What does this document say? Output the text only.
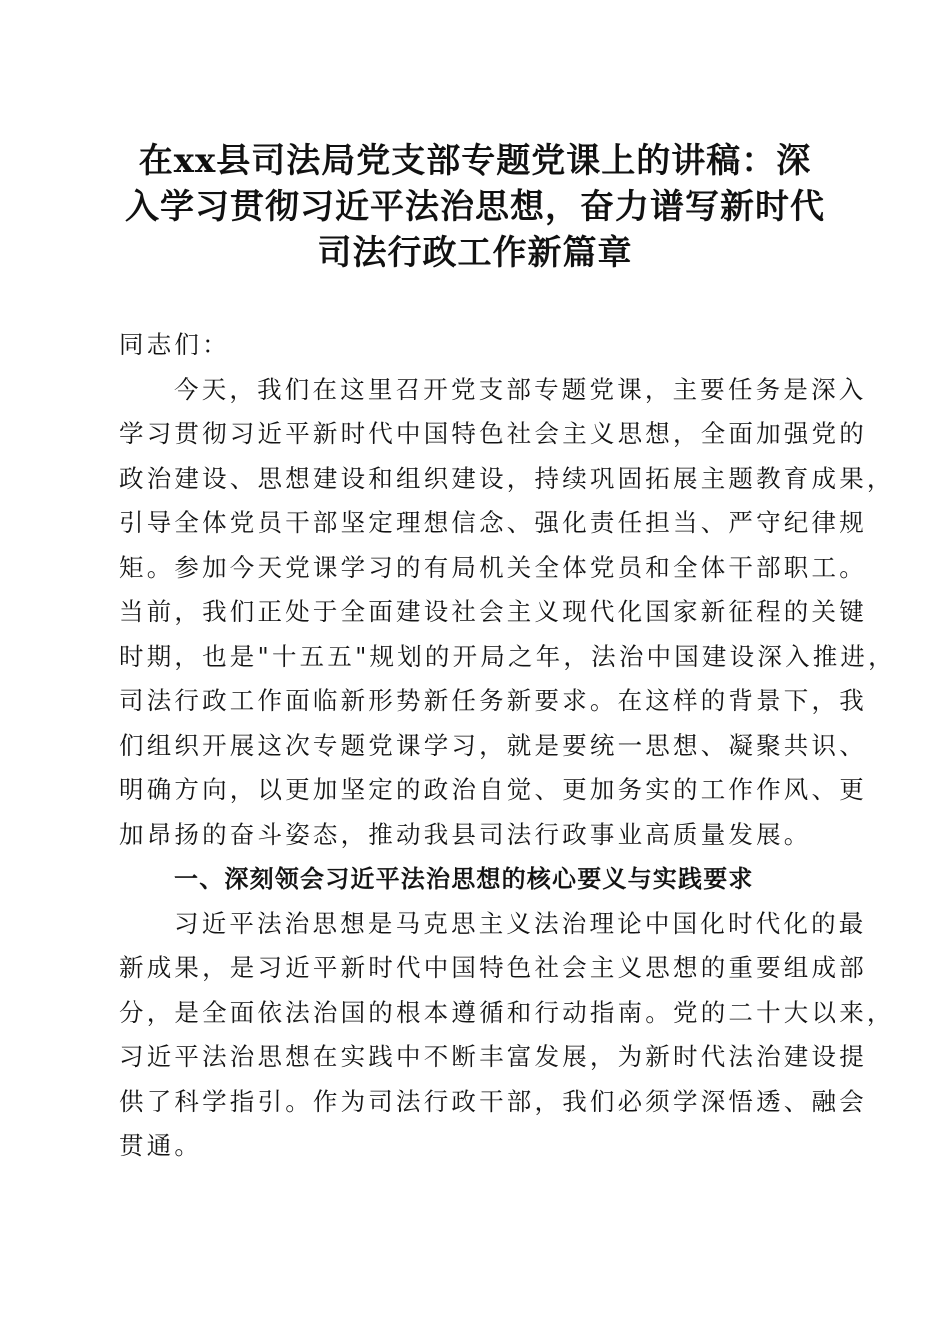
在xx县司法局党支部专题党课上的讲稿：深
入学习贯彻习近平法治思想，奋力谱写新时代
司法行政工作新篇章

同志们：

今天，我们在这里召开党支部专题党课，主要任务是深入
学习贯彻习近平新时代中国特色社会主义思想，全面加强党的
政治建设、思想建设和组织建设，持续巩固拓展主题教育成果，
引导全体党员干部坚定理想信念、强化责任担当、严守纪律规
矩。参加今天党课学习的有局机关全体党员和全体干部职工。
当前，我们正处于全面建设社会主义现代化国家新征程的关键
时期，也是"十五五"规划的开局之年，法治中国建设深入推进，
司法行政工作面临新形势新任务新要求。在这样的背景下，我
们组织开展这次专题党课学习，就是要统一思想、凝聚共识、
明确方向，以更加坚定的政治自觉、更加务实的工作作风、更
加昂扬的奋斗姿态，推动我县司法行政事业高质量发展。

一、深刻领会习近平法治思想的核心要义与实践要求

习近平法治思想是马克思主义法治理论中国化时代化的最
新成果，是习近平新时代中国特色社会主义思想的重要组成部
分，是全面依法治国的根本遵循和行动指南。党的二十大以来，
习近平法治思想在实践中不断丰富发展，为新时代法治建设提
供了科学指引。作为司法行政干部，我们必须学深悟透、融会
贯通。
